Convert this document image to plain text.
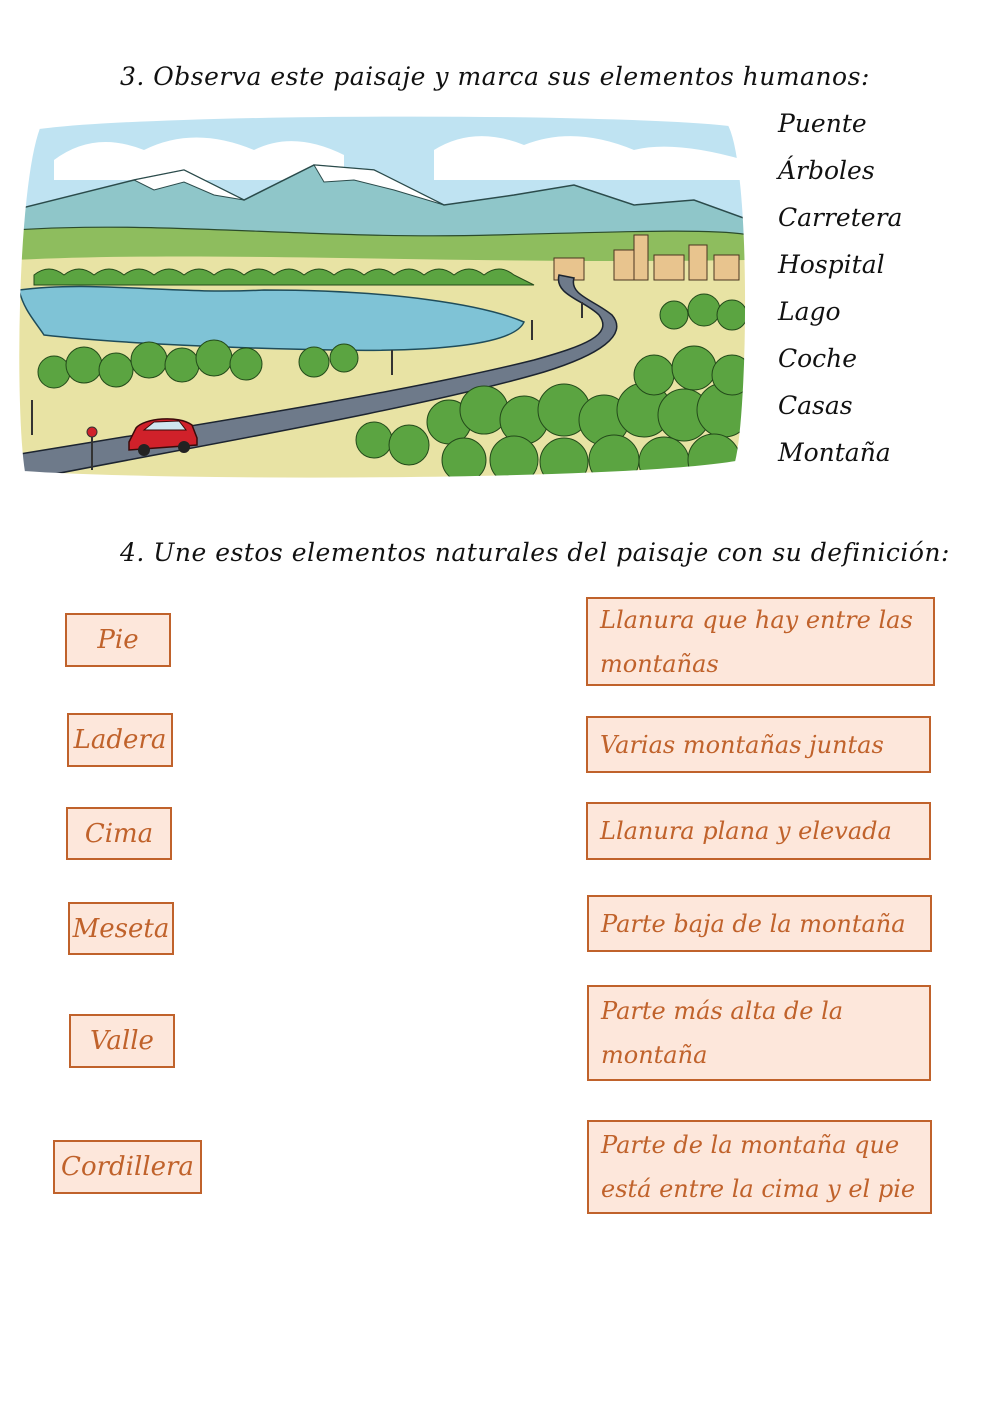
3. Observa este paisaje y marca sus elementos humanos:
Puente
Árboles
Carretera
Hospital
Lago
Coche
Casas
Montaña
4. Une estos elementos naturales del paisaje con su definición:
Pie
Ladera
Cima
Meseta
Valle
Cordillera
Llanura que hay entre las montañas
Varias montañas juntas
Llanura plana y elevada
Parte baja de la montaña
Parte más alta de la montaña
Parte de la montaña que está entre la cima y el pie
